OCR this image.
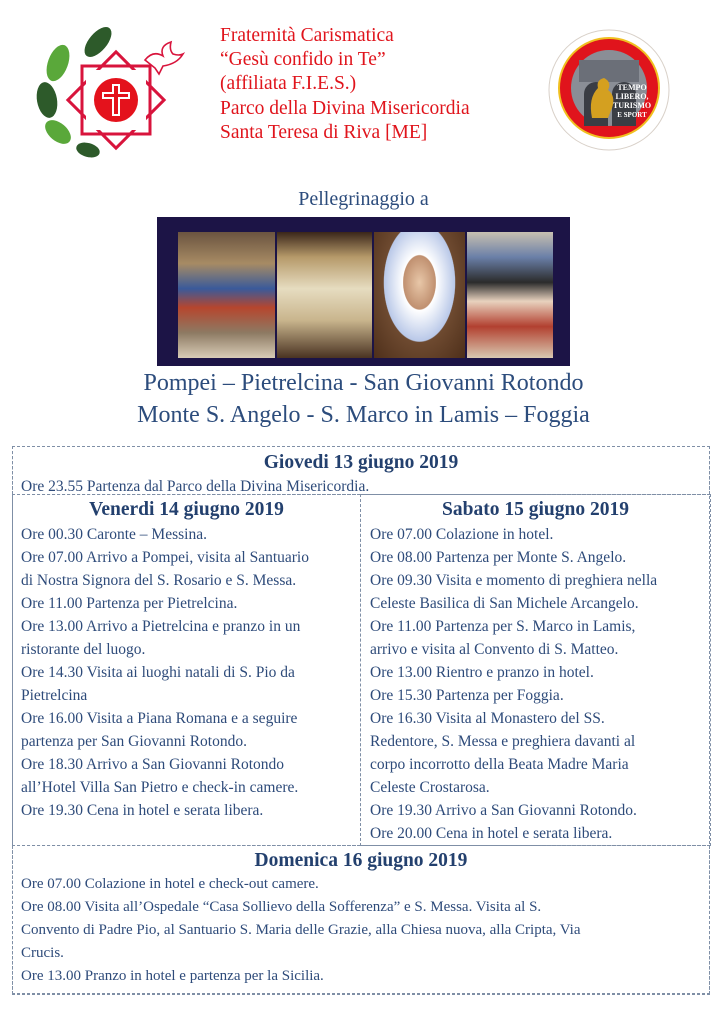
Fraternità Carismatica
“Gesù confido in Te”
(affiliata F.I.E.S.)
Parco della Divina Misericordia
Santa Teresa di Riva [ME]
TEMPO
LIBERO,
TURISMO
E SPORT
Pellegrinaggio a
Pompei – Pietrelcina - San Giovanni Rotondo
Monte S. Angelo - S. Marco in Lamis – Foggia
Giovedi 13 giugno 2019
Ore 23.55 Partenza dal Parco della Divina Misericordia.
Venerdi 14 giugno 2019
Ore 00.30 Caronte – Messina.
Ore 07.00 Arrivo a Pompei, visita al Santuario
di Nostra Signora del S. Rosario e S. Messa.
Ore 11.00 Partenza per Pietrelcina.
Ore 13.00 Arrivo a Pietrelcina e pranzo in un
ristorante del luogo.
Ore 14.30 Visita ai luoghi natali di S. Pio da
Pietrelcina
Ore 16.00 Visita a Piana Romana e a seguire
partenza per San Giovanni Rotondo.
Ore 18.30 Arrivo a San Giovanni Rotondo
all’Hotel Villa San Pietro e check-in camere.
Ore 19.30 Cena in hotel e serata libera.
Sabato 15 giugno 2019
Ore 07.00 Colazione in hotel.
Ore 08.00 Partenza per Monte S. Angelo.
Ore 09.30 Visita e momento di preghiera nella
Celeste Basilica di San Michele Arcangelo.
Ore 11.00 Partenza per S. Marco in Lamis,
arrivo e visita al Convento di S. Matteo.
Ore 13.00 Rientro e pranzo in hotel.
Ore 15.30 Partenza per Foggia.
Ore 16.30 Visita al Monastero del SS.
Redentore, S. Messa e preghiera davanti al
corpo incorrotto della Beata Madre Maria
Celeste Crostarosa.
Ore 19.30 Arrivo a San Giovanni Rotondo.
Ore 20.00 Cena in hotel e serata libera.
Domenica 16 giugno 2019
Ore 07.00 Colazione in hotel e check-out camere.
Ore 08.00 Visita all’Ospedale “Casa Sollievo della Sofferenza” e S. Messa. Visita al S.
Convento di Padre Pio, al Santuario S. Maria delle Grazie, alla Chiesa nuova, alla Cripta, Via
Crucis.
Ore 13.00 Pranzo in hotel e partenza per la Sicilia.
